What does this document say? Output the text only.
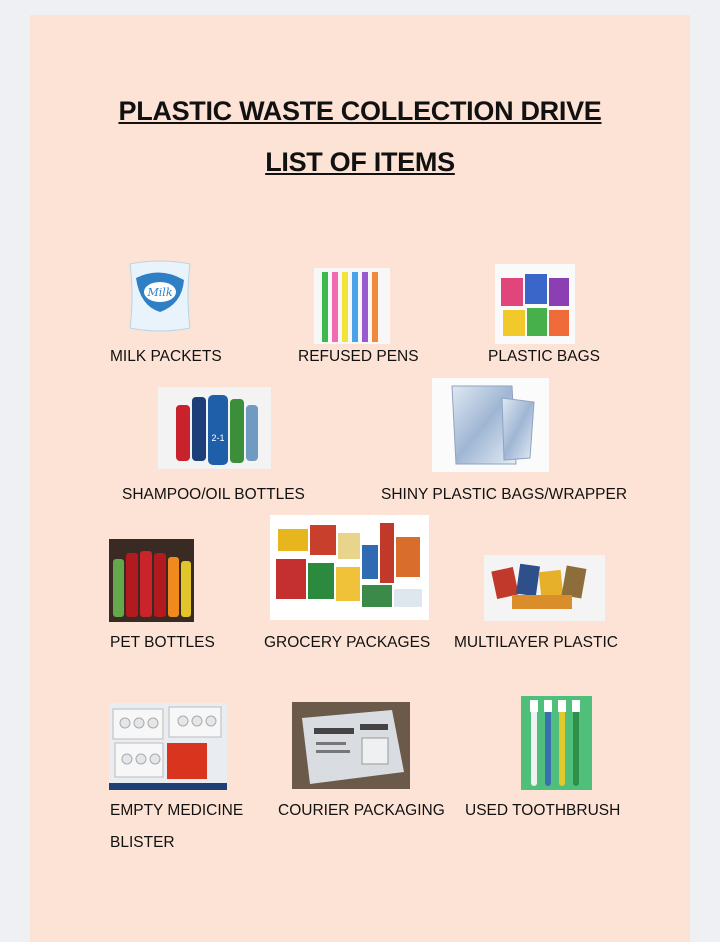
PLASTIC WASTE COLLECTION DRIVE
LIST OF ITEMS
Milk
MILK PACKETS	REFUSED PENS	PLASTIC BAGS
2-1
SHAMPOO/OIL BOTTLES	SHINY PLASTIC BAGS/WRAPPER
PET BOTTLES	GROCERY PACKAGES MULTILAYER PLASTIC
EMPTY MEDICINE
BLISTER
COURIER PACKAGING USED TOOTHBRUSH
